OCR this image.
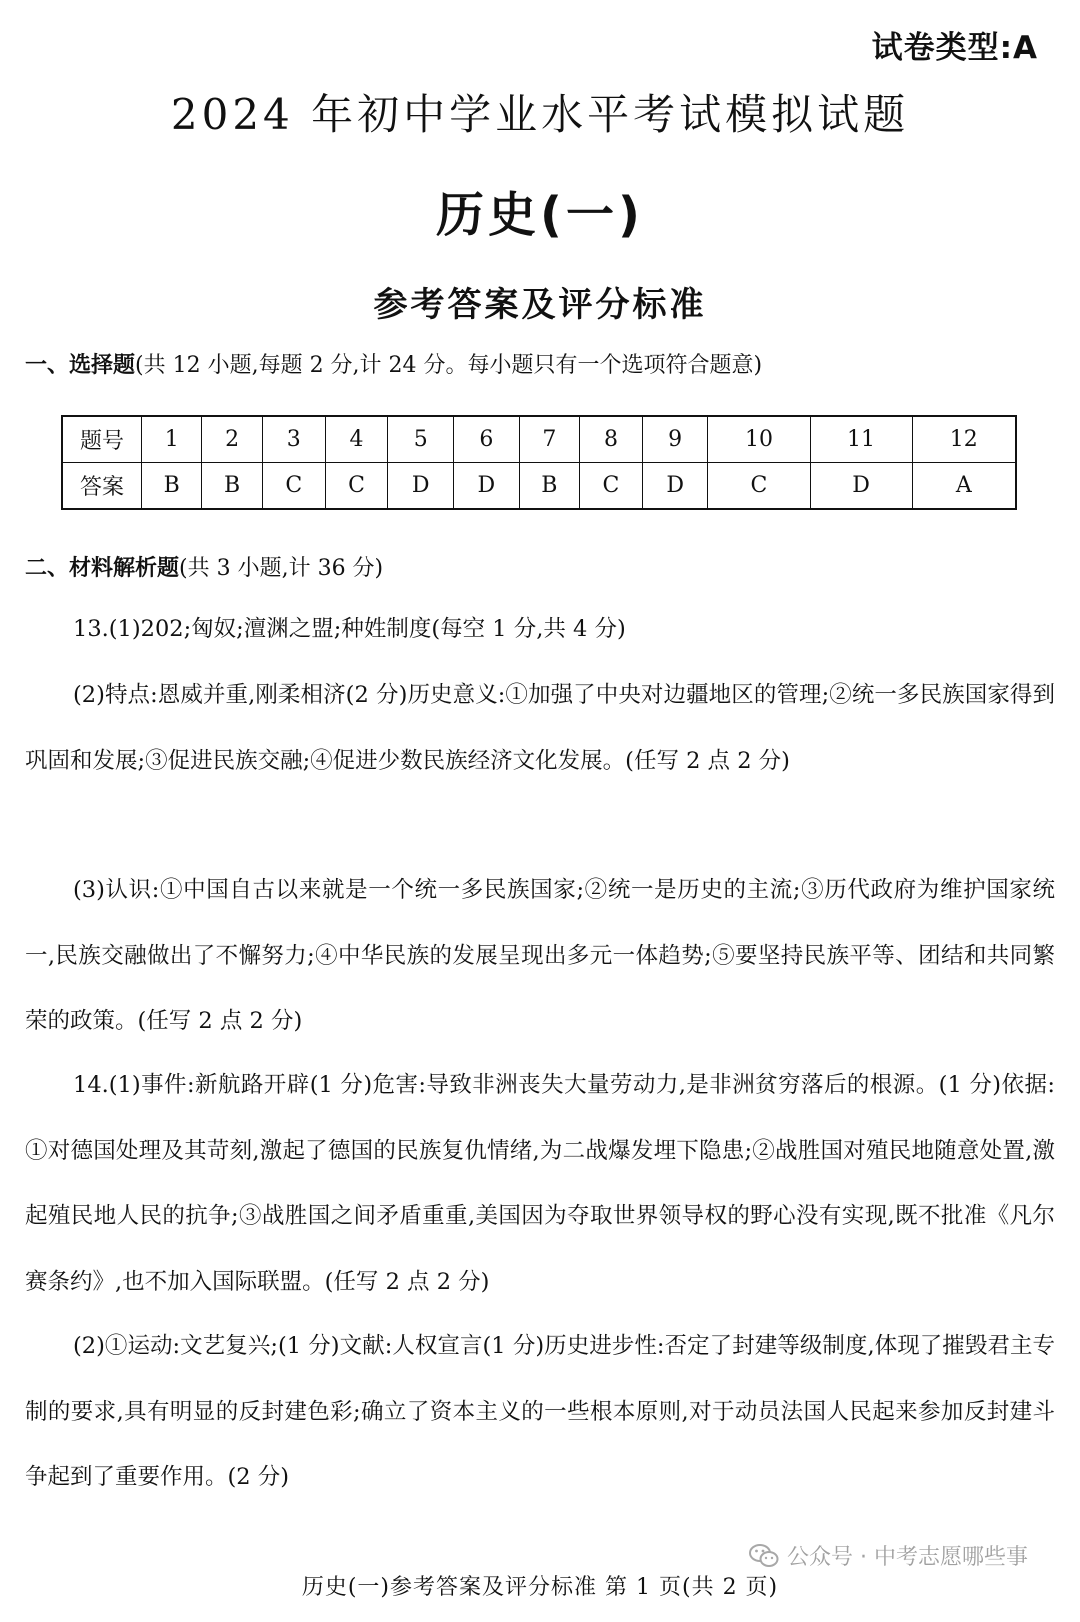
试卷类型:A
2024 年初中学业水平考试模拟试题
历史(一)
参考答案及评分标准
一、选择题(共 12 小题,每题 2 分,计 24 分。每小题只有一个选项符合题意)
题号	1	2	3	4	5	6	7	8	9	10	11	12
答案	B	B	C	C	D	D	B	C	D	C	D	A
二、材料解析题(共 3 小题,计 36 分)
13.(1)202;匈奴;澶渊之盟;种姓制度(每空 1 分,共 4 分)
(2)特点:恩威并重,刚柔相济(2 分)历史意义:①加强了中央对边疆地区的管理;②统一多民族国家得到巩固和发展;③促进民族交融;④促进少数民族经济文化发展。(任写 2 点 2 分)
(3)认识:①中国自古以来就是一个统一多民族国家;②统一是历史的主流;③历代政府为维护国家统一,民族交融做出了不懈努力;④中华民族的发展呈现出多元一体趋势;⑤要坚持民族平等、团结和共同繁荣的政策。(任写 2 点 2 分)
14.(1)事件:新航路开辟(1 分)危害:导致非洲丧失大量劳动力,是非洲贫穷落后的根源。(1 分)依据:①对德国处理及其苛刻,激起了德国的民族复仇情绪,为二战爆发埋下隐患;②战胜国对殖民地随意处置,激起殖民地人民的抗争;③战胜国之间矛盾重重,美国因为夺取世界领导权的野心没有实现,既不批准《凡尔赛条约》,也不加入国际联盟。(任写 2 点 2 分)
(2)①运动:文艺复兴;(1 分)文献:人权宣言(1 分)历史进步性:否定了封建等级制度,体现了摧毁君主专制的要求,具有明显的反封建色彩;确立了资本主义的一些根本原则,对于动员法国人民起来参加反封建斗争起到了重要作用。(2 分)
历史(一)参考答案及评分标准 第 1 页(共 2 页)
公众号 · 中考志愿哪些事
